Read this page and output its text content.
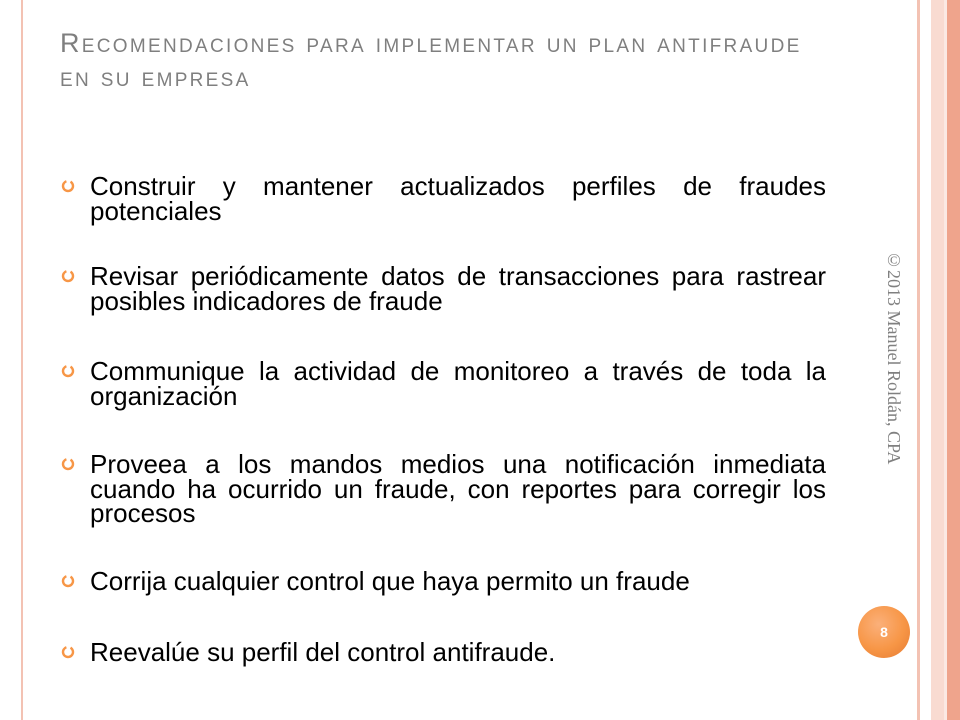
Recomendaciones para implementar un plan antifraude en su empresa
Construir y mantener actualizados perfiles de fraudes potenciales
Revisar periódicamente datos de transacciones para rastrear posibles indicadores de fraude
Communique la actividad de monitoreo a través de toda la organización
Proveea a los mandos medios una notificación inmediata cuando ha ocurrido un fraude, con reportes para corregir los procesos
Corrija cualquier control que haya permito un fraude
Reevalúe su perfil del control antifraude.
©2013 Manuel Roldán, CPA
8
